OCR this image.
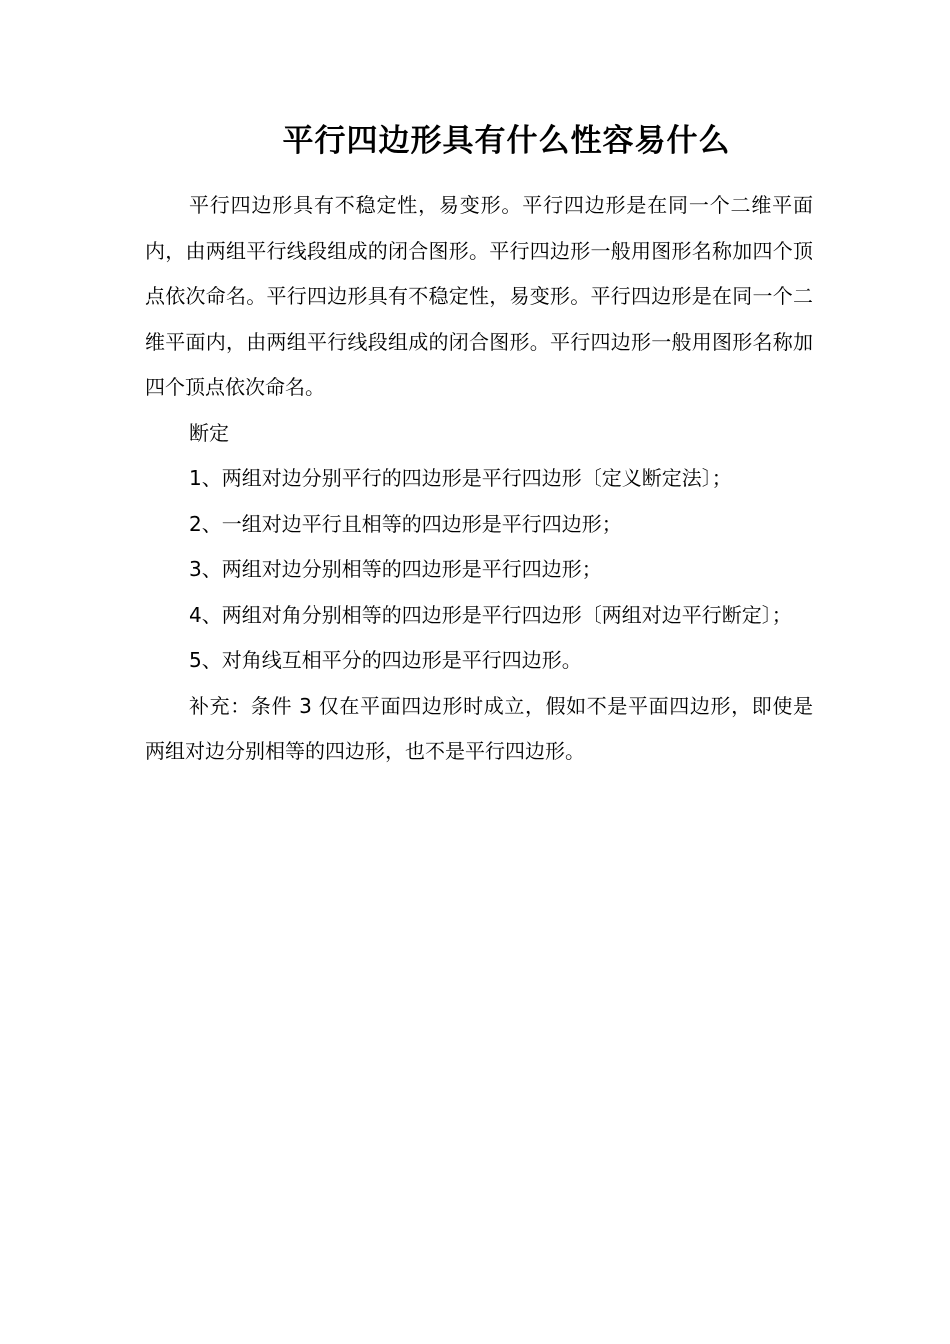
平行四边形具有什么性容易什么

平行四边形具有不稳定性，易变形。平行四边形是在同一个二维平面内，由两组平行线段组成的闭合图形。平行四边形一般用图形名称加四个顶点依次命名。平行四边形具有不稳定性，易变形。平行四边形是在同一个二维平面内，由两组平行线段组成的闭合图形。平行四边形一般用图形名称加四个顶点依次命名。

断定

1、两组对边分别平行的四边形是平行四边形〔定义断定法〕；

2、一组对边平行且相等的四边形是平行四边形；

3、两组对边分别相等的四边形是平行四边形；

4、两组对角分别相等的四边形是平行四边形〔两组对边平行断定〕；

5、对角线互相平分的四边形是平行四边形。

补充：条件 3 仅在平面四边形时成立，假如不是平面四边形，即使是两组对边分别相等的四边形，也不是平行四边形。
